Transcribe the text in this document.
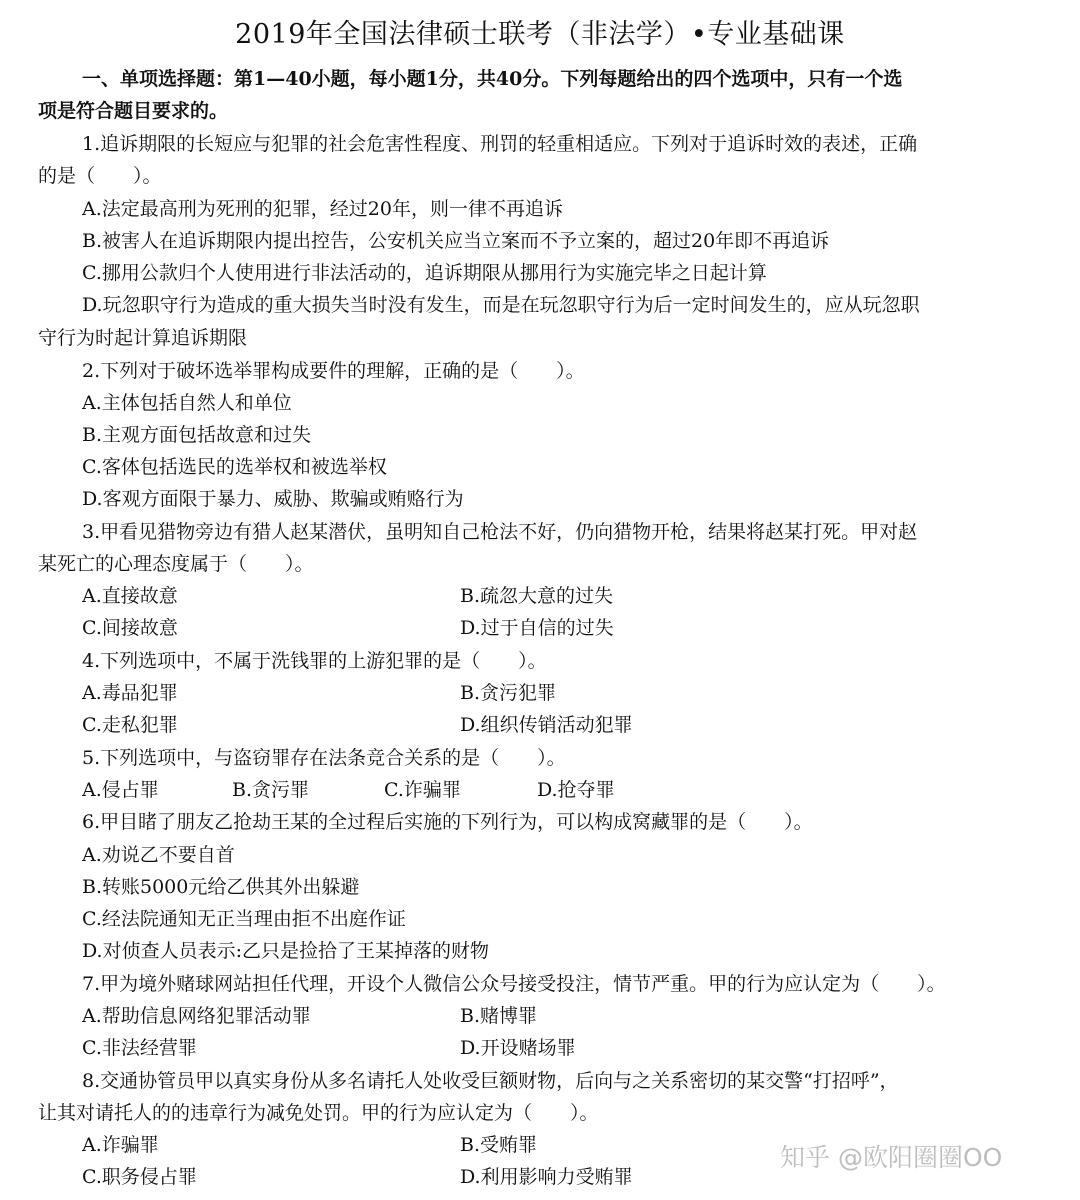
2019年全国法律硕士联考（非法学）•专业基础课
一、单项选择题：第1—40小题，每小题1分，共40分。下列每题给出的四个选项中，只有一个选
项是符合题目要求的。
1.追诉期限的长短应与犯罪的社会危害性程度、刑罚的轻重相适应。下列对于追诉时效的表述，正确
的是（　　）。
A.法定最高刑为死刑的犯罪，经过20年，则一律不再追诉
B.被害人在追诉期限内提出控告，公安机关应当立案而不予立案的，超过20年即不再追诉
C.挪用公款归个人使用进行非法活动的，追诉期限从挪用行为实施完毕之日起计算
D.玩忽职守行为造成的重大损失当时没有发生，而是在玩忽职守行为后一定时间发生的，应从玩忽职
守行为时起计算追诉期限
2.下列对于破坏选举罪构成要件的理解，正确的是（　　）。
A.主体包括自然人和单位
B.主观方面包括故意和过失
C.客体包括选民的选举权和被选举权
D.客观方面限于暴力、威胁、欺骗或贿赂行为
3.甲看见猎物旁边有猎人赵某潜伏，虽明知自己枪法不好，仍向猎物开枪，结果将赵某打死。甲对赵
某死亡的心理态度属于（　　）。
A.直接故意	B.疏忽大意的过失
C.间接故意	D.过于自信的过失
4.下列选项中，不属于洗钱罪的上游犯罪的是（　　）。
A.毒品犯罪	B.贪污犯罪
C.走私犯罪	D.组织传销活动犯罪
5.下列选项中，与盗窃罪存在法条竞合关系的是（　　）。
A.侵占罪	B.贪污罪	C.诈骗罪	D.抢夺罪
6.甲目睹了朋友乙抢劫王某的全过程后实施的下列行为，可以构成窝藏罪的是（　　）。
A.劝说乙不要自首
B.转账5000元给乙供其外出躲避
C.经法院通知无正当理由拒不出庭作证
D.对侦查人员表示:乙只是捡拾了王某掉落的财物
7.甲为境外赌球网站担任代理，开设个人微信公众号接受投注，情节严重。甲的行为应认定为（　　）。
A.帮助信息网络犯罪活动罪	B.赌博罪
C.非法经营罪	D.开设赌场罪
8.交通协管员甲以真实身份从多名请托人处收受巨额财物，后向与之关系密切的某交警“打招呼”，
让其对请托人的的违章行为减免处罚。甲的行为应认定为（　　）。
A.诈骗罪	B.受贿罪
C.职务侵占罪	D.利用影响力受贿罪
知乎 @欧阳圈圈OO
